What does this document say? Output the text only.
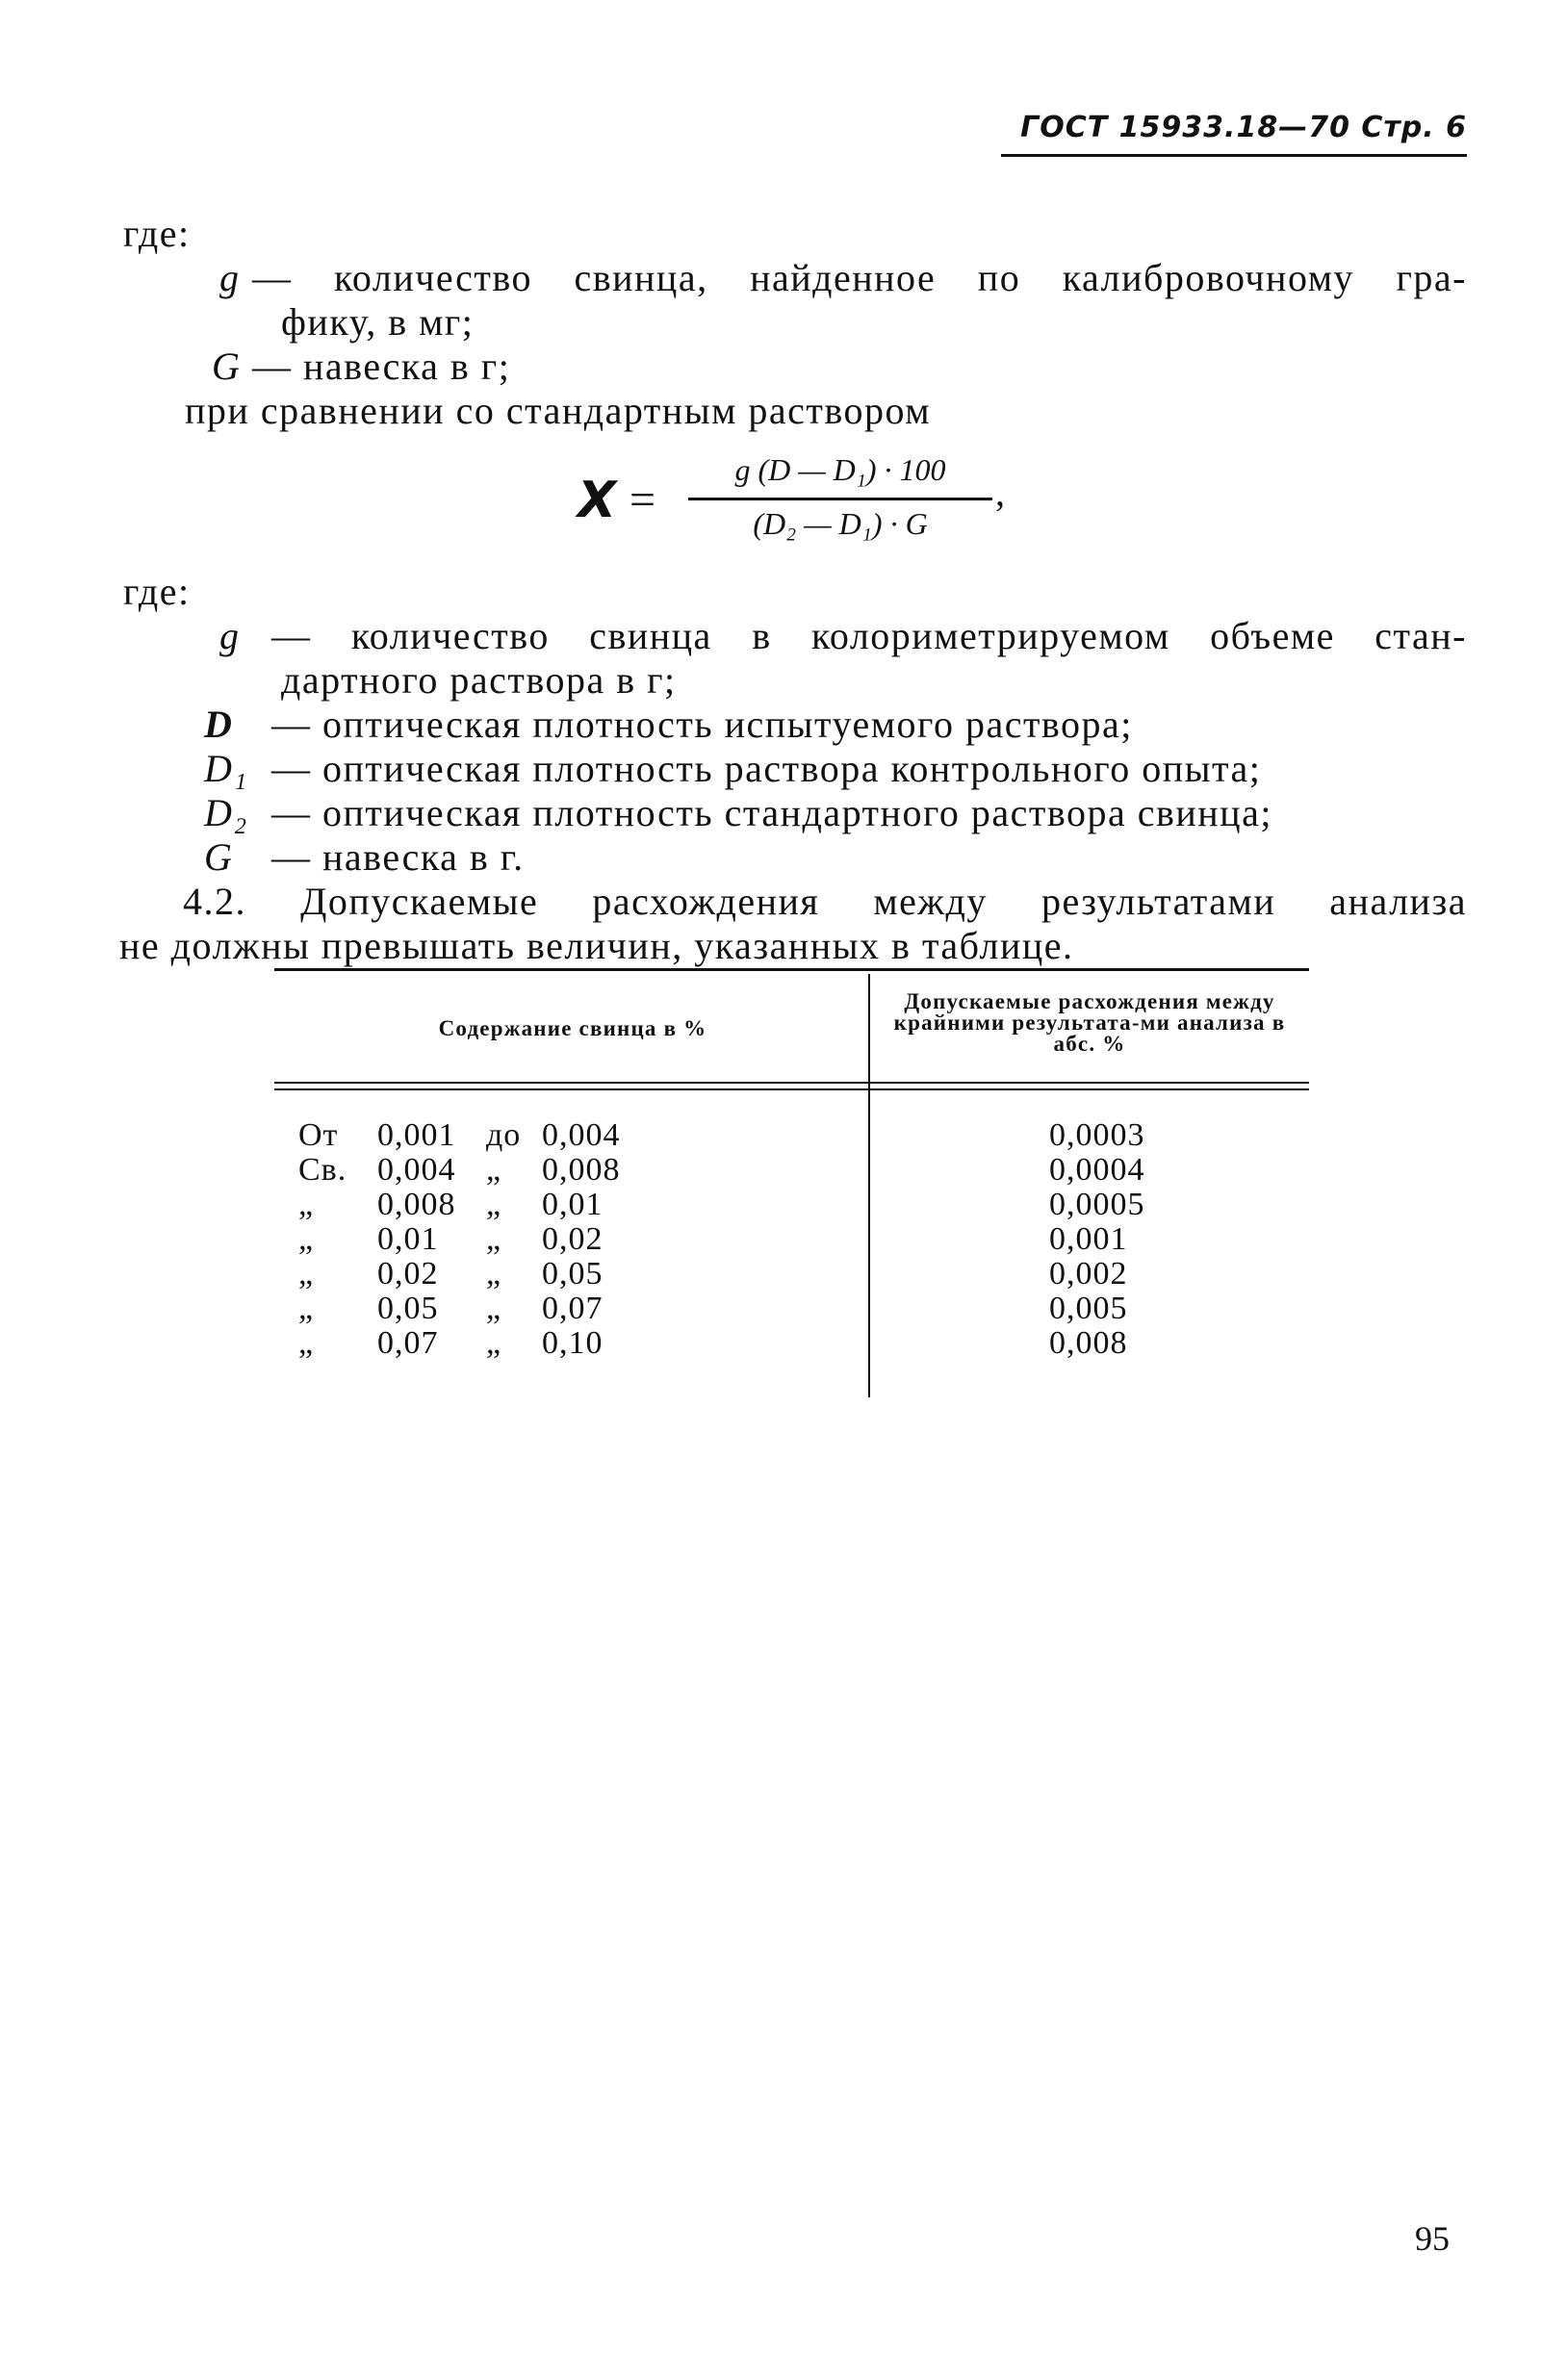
ГОСТ 15933.18—70 Стр. 6
где:
g — количество свинца, найденное по калибровочному гра-
фику, в мг;
G — навеска в г;
при сравнении со стандартным раствором
X =
g (D — D₁) · 100
(D₂ — D₁) · G
,
где:
g — количество свинца в колориметрируемом объеме стан-
дартного раствора в г;
D — оптическая плотность испытуемого раствора;
D₁ — оптическая плотность раствора контрольного опыта;
D₂ — оптическая плотность стандартного раствора свинца;
G — навеска в г.
4.2. Допускаемые расхождения между результатами анализа
не должны превышать величин, указанных в таблице.
Содержание свинца в %
Допускаемые расхождения между крайними результата-ми анализа в абс. %
От	0,001 до 0,004	0,0003
Св. 0,004 „	0,008	0,0004
„	0,008 „	0,01	0,0005
„	0,01	„	0,02	0,001
„	0,02	„	0,05	0,002
„	0,05	„	0,07	0,005
„	0,07	„	0,10	0,008
95
